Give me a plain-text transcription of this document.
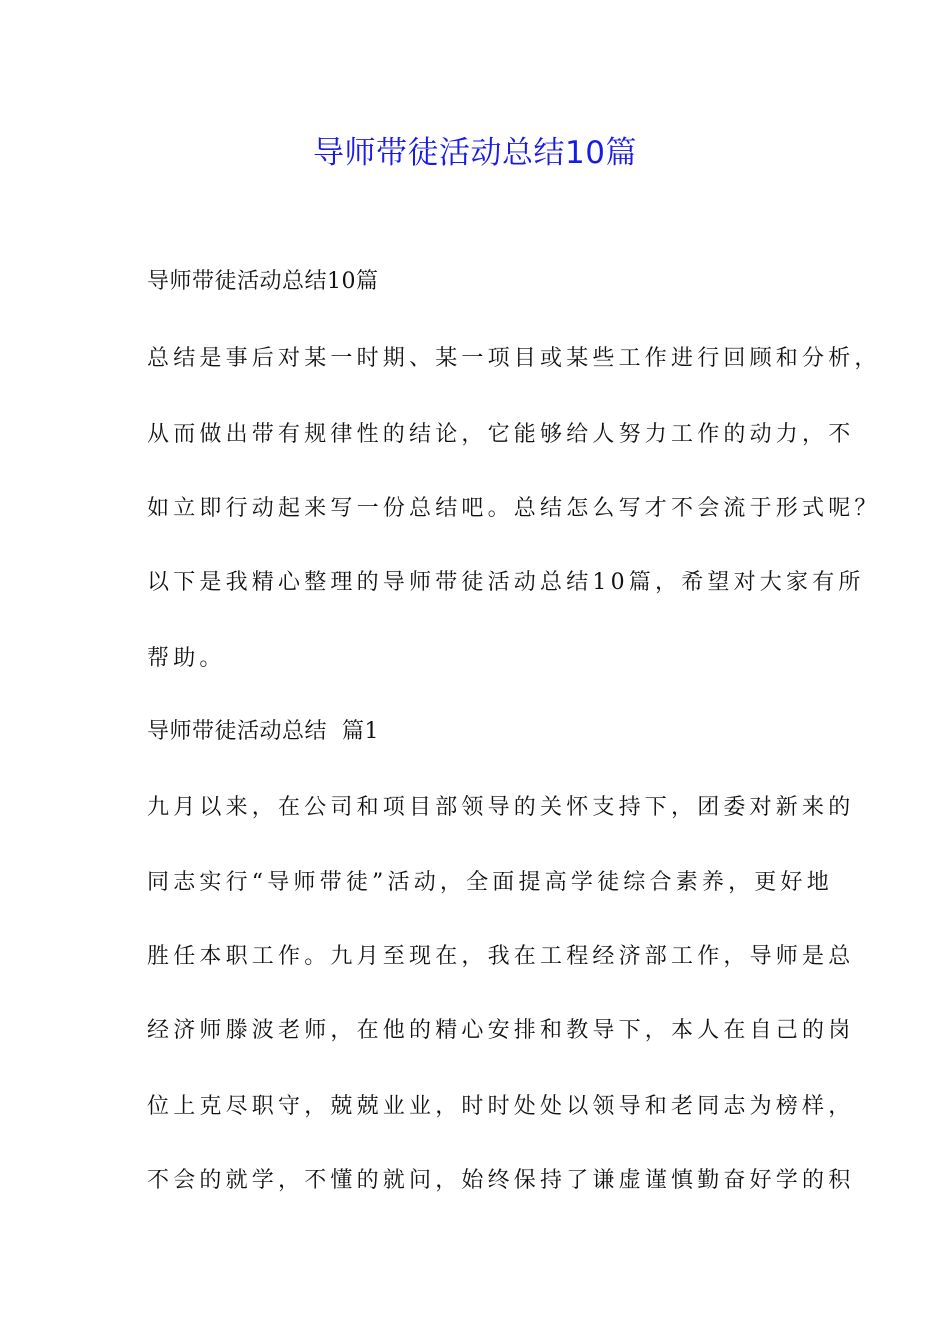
导师带徒活动总结10篇
导师带徒活动总结10篇
总结是事后对某一时期、某一项目或某些工作进行回顾和分析，
从而做出带有规律性的结论，它能够给人努力工作的动力，不
如立即行动起来写一份总结吧。总结怎么写才不会流于形式呢？
以下是我精心整理的导师带徒活动总结10篇，希望对大家有所
帮助。
导师带徒活动总结  篇1
九月以来，在公司和项目部领导的关怀支持下，团委对新来的
同志实行“导师带徒”活动，全面提高学徒综合素养，更好地
胜任本职工作。九月至现在，我在工程经济部工作，导师是总
经济师滕波老师，在他的精心安排和教导下，本人在自己的岗
位上克尽职守，兢兢业业，时时处处以领导和老同志为榜样，
不会的就学，不懂的就问，始终保持了谦虚谨慎勤奋好学的积
